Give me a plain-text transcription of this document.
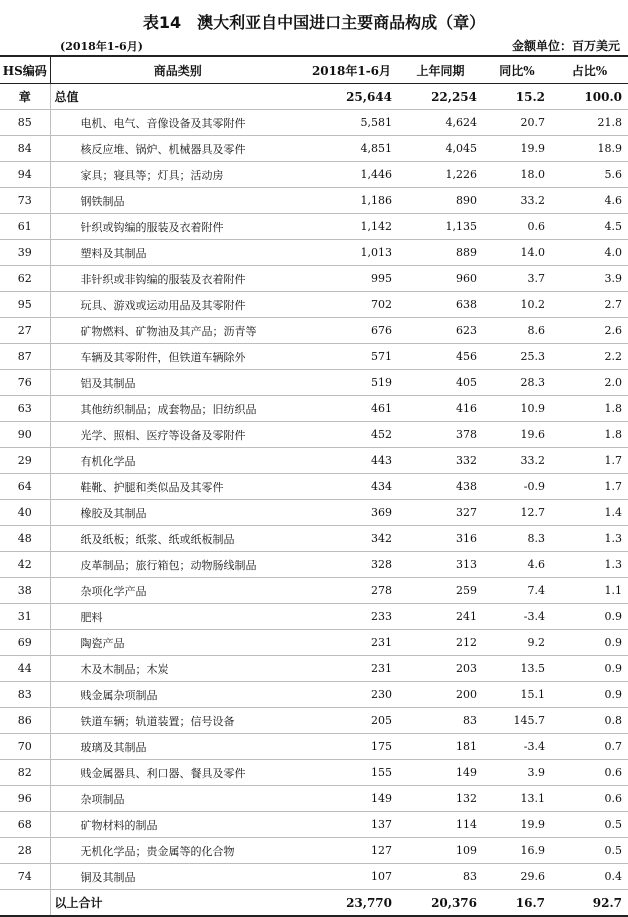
表14　澳大利亚自中国进口主要商品构成（章）
(2018年1-6月)	金额单位：百万美元
HS编码	商品类别	2018年1-6月	上年同期	同比%	占比%
章	总值	25,644	22,254	15.2	100.0
85	电机、电气、音像设备及其零附件	5,581	4,624	20.7	21.8
84	核反应堆、锅炉、机械器具及零件	4,851	4,045	19.9	18.9
94	家具；寝具等；灯具；活动房	1,446	1,226	18.0	5.6
73	钢铁制品	1,186	890	33.2	4.6
61	针织或钩编的服装及衣着附件	1,142	1,135	0.6	4.5
39	塑料及其制品	1,013	889	14.0	4.0
62	非针织或非钩编的服装及衣着附件	995	960	3.7	3.9
95	玩具、游戏或运动用品及其零附件	702	638	10.2	2.7
27	矿物燃料、矿物油及其产品；沥青等	676	623	8.6	2.6
87	车辆及其零附件，但铁道车辆除外	571	456	25.3	2.2
76	铝及其制品	519	405	28.3	2.0
63	其他纺织制品；成套物品；旧纺织品	461	416	10.9	1.8
90	光学、照相、医疗等设备及零附件	452	378	19.6	1.8
29	有机化学品	443	332	33.2	1.7
64	鞋靴、护腿和类似品及其零件	434	438	-0.9	1.7
40	橡胶及其制品	369	327	12.7	1.4
48	纸及纸板；纸浆、纸或纸板制品	342	316	8.3	1.3
42	皮革制品；旅行箱包；动物肠线制品	328	313	4.6	1.3
38	杂项化学产品	278	259	7.4	1.1
31	肥料	233	241	-3.4	0.9
69	陶瓷产品	231	212	9.2	0.9
44	木及木制品；木炭	231	203	13.5	0.9
83	贱金属杂项制品	230	200	15.1	0.9
86	铁道车辆；轨道装置；信号设备	205	83	145.7	0.8
70	玻璃及其制品	175	181	-3.4	0.7
82	贱金属器具、利口器、餐具及零件	155	149	3.9	0.6
96	杂项制品	149	132	13.1	0.6
68	矿物材料的制品	137	114	19.9	0.5
28	无机化学品；贵金属等的化合物	127	109	16.9	0.5
74	铜及其制品	107	83	29.6	0.4
	以上合计	23,770	20,376	16.7	92.7
